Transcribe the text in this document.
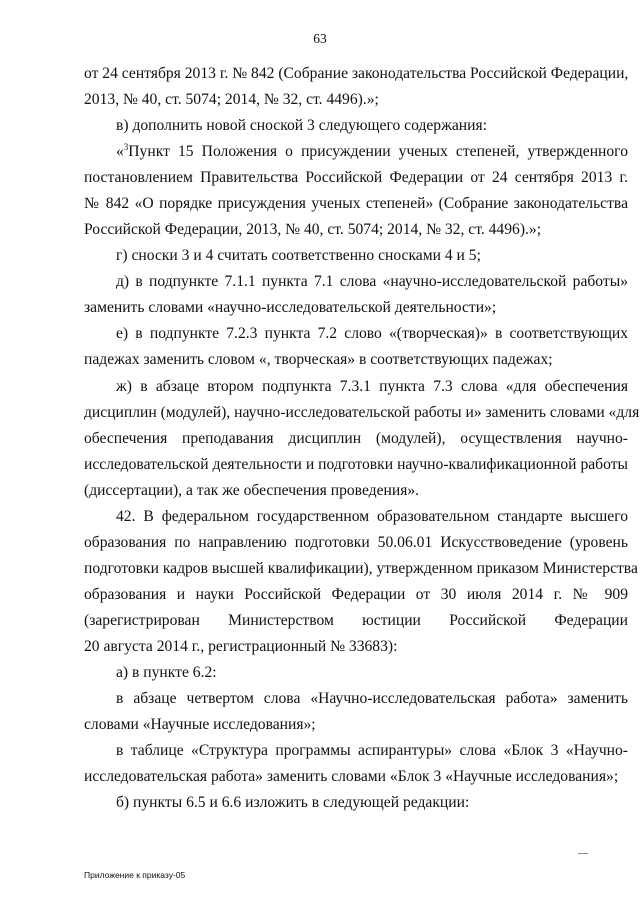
63
от 24 сентября 2013 г. № 842 (Собрание законодательства Российской Федерации,
2013, № 40, ст. 5074; 2014, № 32, ст. 4496).»;
в) дополнить новой сноской 3 следующего содержания:
«$^3$Пункт 15 Положения о присуждении ученых степеней, утвержденного
постановлением Правительства Российской Федерации от 24 сентября 2013 г.
№ 842 «О порядке присуждения ученых степеней» (Собрание законодательства
Российской Федерации, 2013, № 40, ст. 5074; 2014, № 32, ст. 4496).»;
г) сноски 3 и 4 считать соответственно сносками 4 и 5;
д) в подпункте 7.1.1 пункта 7.1 слова «научно-исследовательской работы»
заменить словами «научно-исследовательской деятельности»;
е) в подпункте 7.2.3 пункта 7.2 слово «(творческая)» в соответствующих
падежах заменить словом «, творческая» в соответствующих падежах;
ж) в абзаце втором подпункта 7.3.1 пункта 7.3 слова «для обеспечения
дисциплин (модулей), научно-исследовательской работы и» заменить словами «для
обеспечения преподавания дисциплин (модулей), осуществления научно-
исследовательской деятельности и подготовки научно-квалификационной работы
(диссертации), а так же обеспечения проведения».
42. В федеральном государственном образовательном стандарте высшего
образования по направлению подготовки 50.06.01 Искусствоведение (уровень
подготовки кадров высшей квалификации), утвержденном приказом Министерства
образования и науки Российской Федерации от 30 июля 2014 г. № 909
(зарегистрирован Министерством юстиции Российской Федерации
20 августа 2014 г., регистрационный № 33683):
а) в пункте 6.2:
в абзаце четвертом слова «Научно-исследовательская работа» заменить
словами «Научные исследования»;
в таблице «Структура программы аспирантуры» слова «Блок 3 «Научно-
исследовательская работа» заменить словами «Блок 3 «Научные исследования»;
б) пункты 6.5 и 6.6 изложить в следующей редакции:
Приложение к приказу-05
